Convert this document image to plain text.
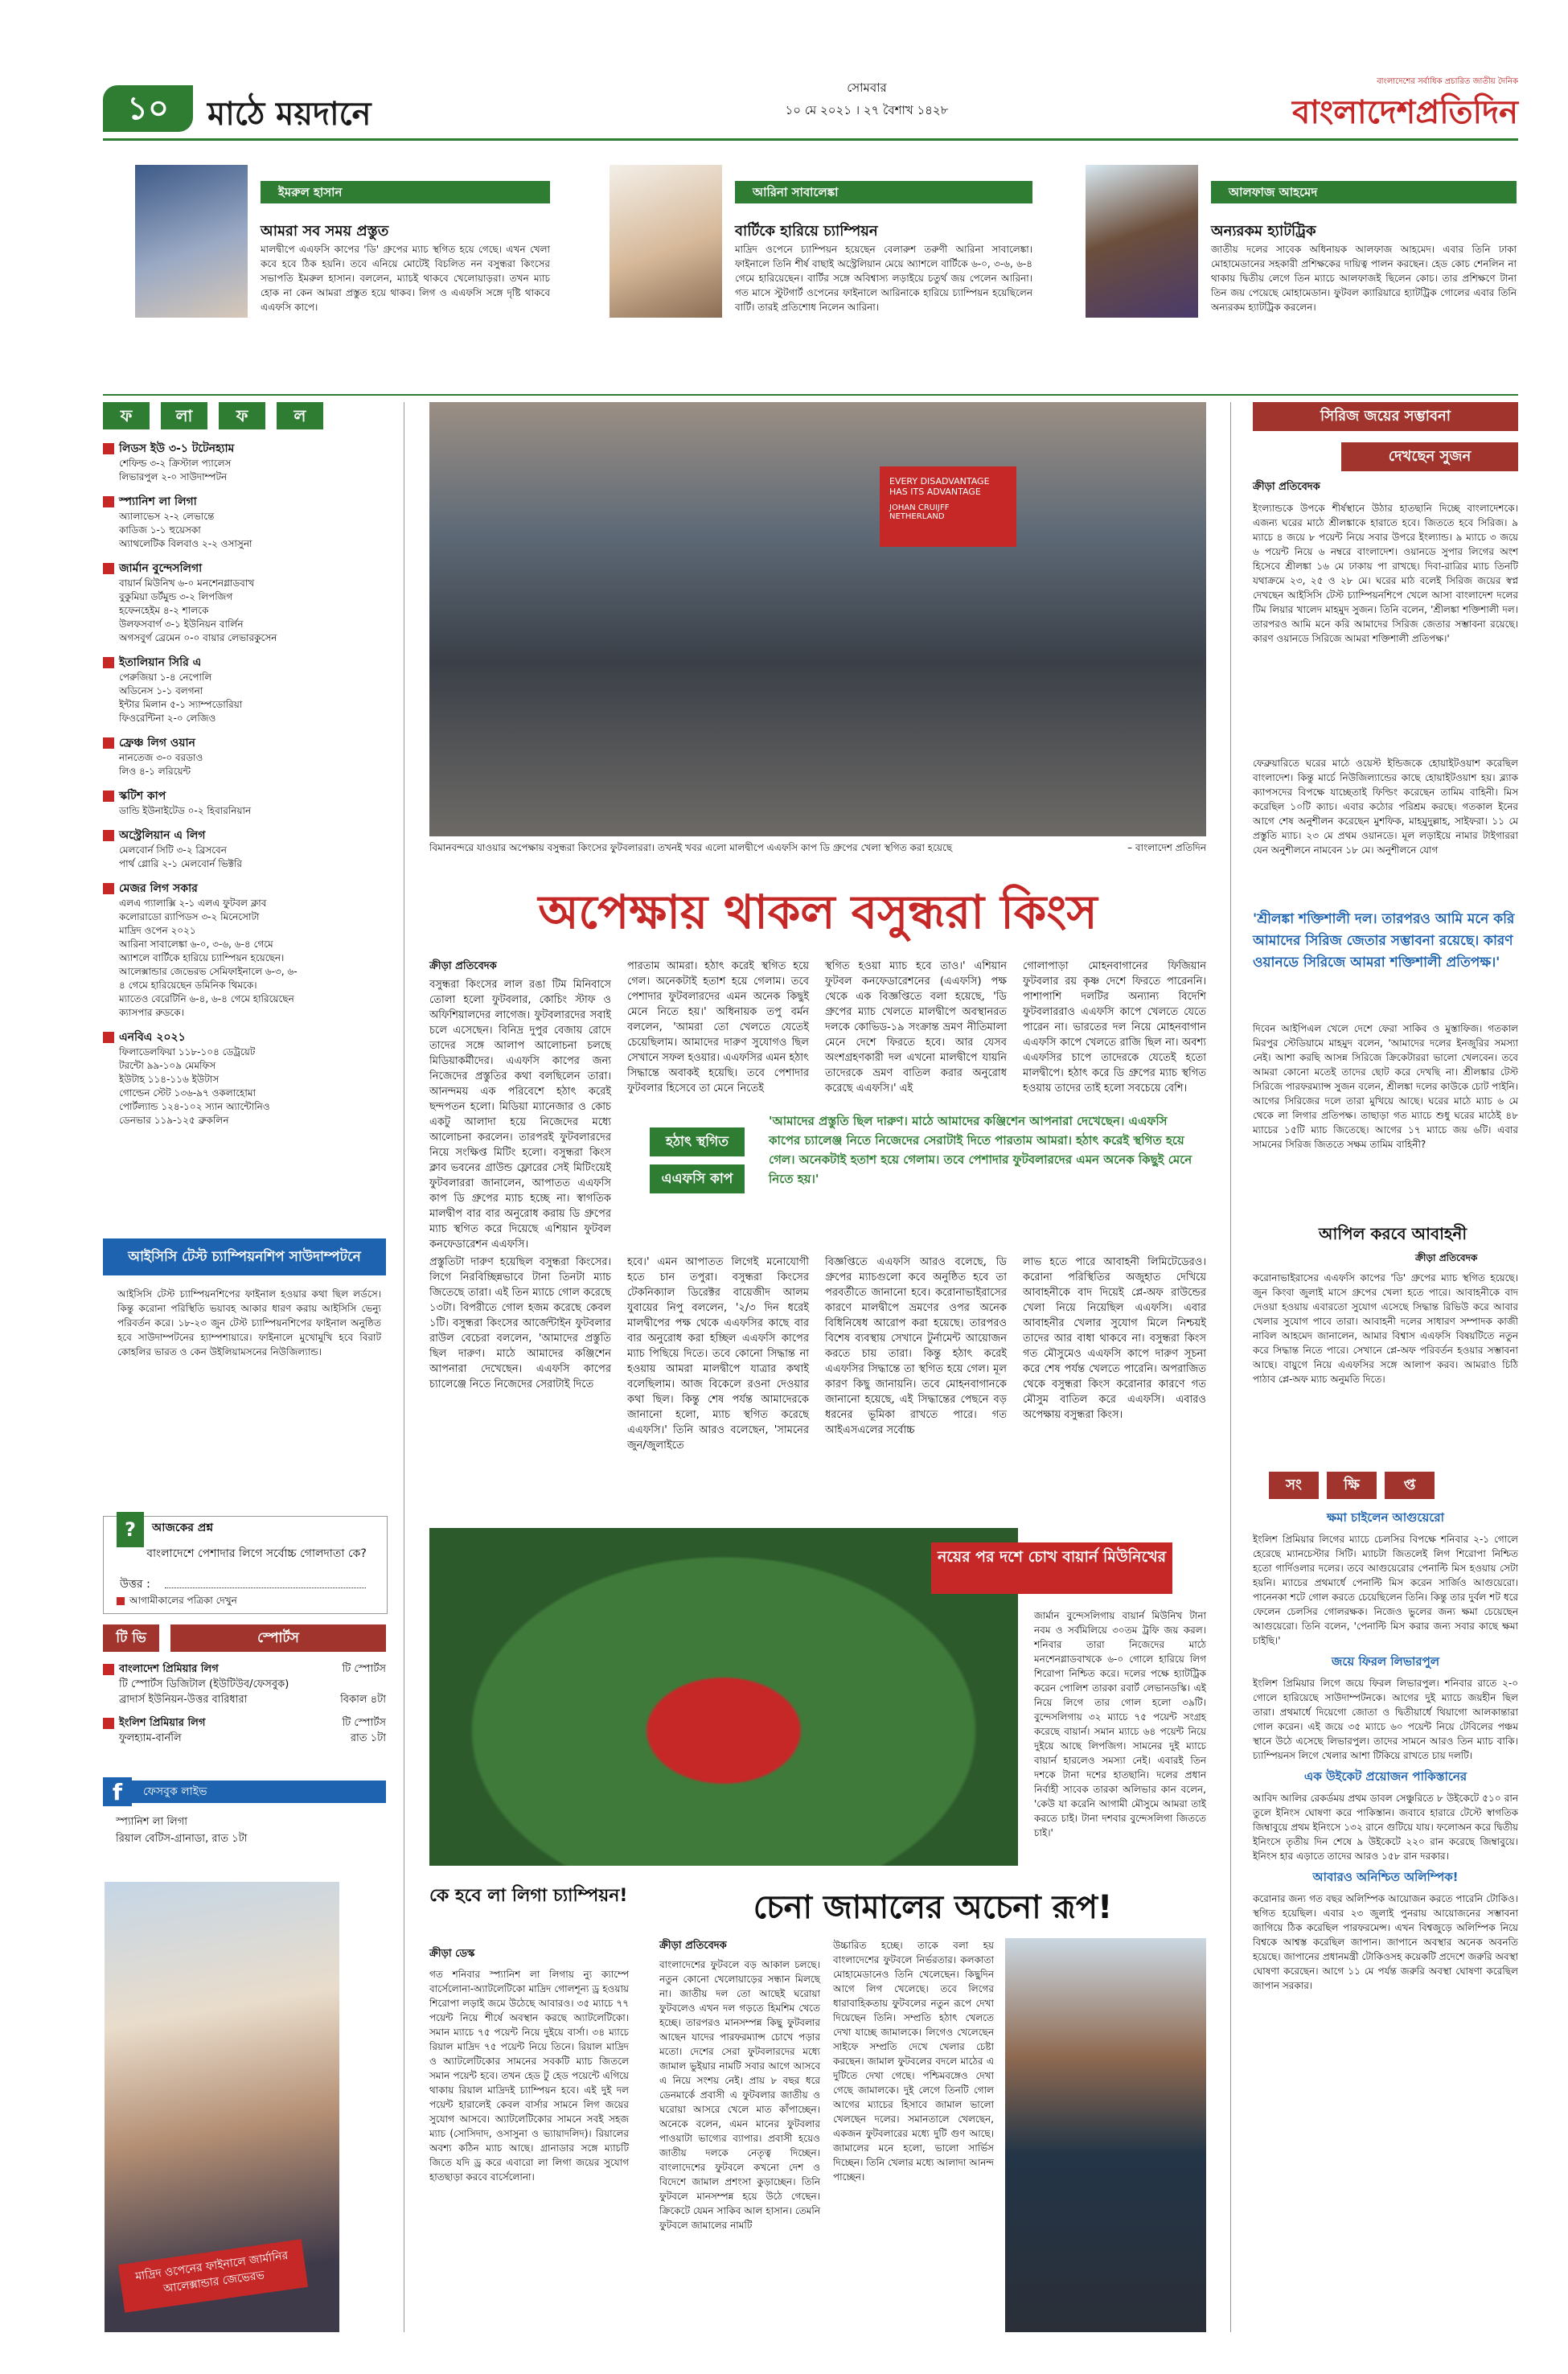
১০	মাঠে ময়দানে
সোমবার
১০ মে ২০২১ । ২৭ বৈশাখ ১৪২৮
বাংলাদেশের সর্বাধিক প্রচারিত জাতীয় দৈনিক
বাংলাদেশপ্রতিদিন
ইমরুল হাসান
আমরা সব সময় প্রস্তুত
মালদ্বীপে এএফসি কাপের 'ডি' গ্রুপের ম্যাচ স্থগিত হয়ে গেছে। এখন খেলা কবে হবে ঠিক হয়নি। তবে এনিয়ে মোটেই বিচলিত নন বসুন্ধরা কিংসের সভাপতি ইমরুল হাসান। বললেন, ম্যাচই থাকবে খেলোয়াড়রা। তখন ম্যাচ হোক না কেন আমরা প্রস্তুত হয়ে থাকব। লিগ ও এএফসি সঙ্গে দৃষ্টি থাকবে এএফসি কাপে।
আরিনা সাবালেঙ্কা
বার্টিকে হারিয়ে চ্যাম্পিয়ন
মাদ্রিদ ওপেনে চ্যাম্পিয়ন হয়েছেন বেলারুশ তরুণী আরিনা সাবালেঙ্কা। ফাইনালে তিনি শীর্ষ বাছাই অস্ট্রেলিয়ান মেয়ে অ্যাশলে বার্টিকে ৬-০, ৩-৬, ৬-৪ গেমে হারিয়েছেন। বার্টির সঙ্গে অবিশ্বাস্য লড়াইয়ে চতুর্থ জয় পেলেন আরিনা। গত মাসে স্টুটগার্ট ওপেনের ফাইনালে আরিনাকে হারিয়ে চ্যাম্পিয়ন হয়েছিলেন বার্টি। তারই প্রতিশোধ নিলেন আরিনা।
আলফাজ আহমেদ
অন্যরকম হ্যাটট্রিক
জাতীয় দলের সাবেক অধিনায়ক আলফাজ আহমেদ। এবার তিনি ঢাকা মোহামেডানের সহকারী প্রশিক্ষকের দায়িত্ব পালন করছেন। হেড কোচ শেনলিন না থাকায় দ্বিতীয় লেগে তিন ম্যাচে আলফাজই ছিলেন কোচ। তার প্রশিক্ষণে টানা তিন জয় পেয়েছে মোহামেডান। ফুটবল ক্যারিয়ারে হ্যাটট্রিক গোলের এবার তিনি অন্যরকম হ্যাটট্রিক করলেন।
ফ	লা	ফ	ল
লিডস ইউ ৩-১ টটেনহ্যাম
শেফিল্ড ৩-২ ক্রিস্টাল প্যালেস
লিভারপুল ২-০ সাউদাম্পটন
স্প্যানিশ লা লিগা
অ্যালাভেস ২-২ লেভান্তে
কাডিজ ১-১ হুয়েসকা
অ্যাথলেটিক বিলবাও ২-২ ওসাসুনা
জার্মান বুন্দেসলিগা
বায়ার্ন মিউনিখ ৬-০ মনশেনগ্লাডবাখ
বুকুমিয়া ডর্টমুন্ড ৩-২ লিপজিগ
হফেনহেইম ৪-২ শালকে
উলফসবার্গ ৩-১ ইউনিয়ন বার্লিন
অগসবুর্গ ব্রেমেন ০-০ বায়ার লেভারকুসেন
ইতালিয়ান সিরি এ
পেরুজিয়া ১-৪ নেপোলি
অডিনেস ১-১ বলগনা
ইন্টার মিলান ৫-১ স্যাম্পডোরিয়া
ফিওরেন্টিনা ২-০ লেজিও
ফ্রেঞ্চ লিগ ওয়ান
নানতেজ ৩-০ বরডাও
লিও ৪-১ লরিয়েন্ট
স্কটিশ কাপ
ডান্ডি ইউনাইটেড ০-২ হিবারনিয়ান
অস্ট্রেলিয়ান এ লিগ
মেলবোর্ন সিটি ৩-২ ব্রিসবেন
পার্থ গ্লোরি ২-১ মেলবোর্ন ভিক্টরি
মেজর লিগ সকার
এলএ গ্যালাক্সি ২-১ এলএ ফুটবল ক্লাব
কলোরাডো র‍্যাপিডস ৩-২ মিনেসোটা
মাদ্রিদ ওপেন ২০২১
আরিনা সাবালেঙ্কা ৬-০, ৩-৬, ৬-৪ গেমে
অ্যাশলে বার্টিকে হারিয়ে চ্যাম্পিয়ন হয়েছেন।
আলেক্সান্ডার জেভেরভ সেমিফাইনালে ৬-৩, ৬-
৪ গেমে হারিয়েছেন ডমিনিক থিমকে।
ম্যাতেও বেরেটিনি ৬-৪, ৬-৪ গেমে হারিয়েছেন
ক্যাসপার রুডকে।
এনবিএ ২০২১
ফিলাডেলফিয়া ১১৮-১০৪ ডেট্রয়েট
টরন্টো ৯৯-১০৯ মেমফিস
ইউটাহ ১১৪-১১৬ ইউটাস
গোল্ডেন স্টেট ১৩৬-৯৭ ওকলাহোমা
পোর্টল্যান্ড ১২৪-১০২ স্যান অ্যান্টোনিও
ডেনভার ১১৯-১২৫ ব্রুকলিন
আইসিসি টেস্ট চ্যাম্পিয়নশিপ সাউদাম্পটনে
আইসিসি টেস্ট চ্যাম্পিয়নশিপের ফাইনাল হওয়ার কথা ছিল লর্ডসে। কিন্তু করোনা পরিস্থিতি ভয়াবহ আকার ধারণ করায় আইসিসি ভেন্যু পরিবর্তন করে। ১৮-২৩ জুন টেস্ট চ্যাম্পিয়নশিপের ফাইনাল অনুষ্ঠিত হবে সাউদাম্পটনের হ্যাম্পশায়ারে। ফাইনালে মুখোমুখি হবে বিরাট কোহলির ভারত ও কেন উইলিয়ামসনের নিউজিল্যান্ড।
?	আজকের প্রশ্ন
বাংলাদেশে পেশাদার লিগে সর্বোচ্চ গোলদাতা কে?
উত্তর :
আগামীকালের পত্রিকা দেখুন
টি ভি	স্পোর্টস
বাংলাদেশ প্রিমিয়ার লিগ	টি স্পোর্টস
টি স্পোর্টস ডিজিটাল (ইউটিউব/ফেসবুক)
ব্রাদার্স ইউনিয়ন-উত্তর বারিধারা	বিকাল ৪টা
ইংলিশ প্রিমিয়ার লিগ	টি স্পোর্টস
ফুলহ্যাম-বার্নলি	রাত ১টা
f	ফেসবুক লাইভ
স্প্যানিশ লা লিগা
রিয়াল বেটিস-গ্রানাডা, রাত ১টা
মাদ্রিদ ওপেনের ফাইনালে জার্মানির আলেক্সান্ডার জেভেরভ
EVERY DISADVANTAGE HAS ITS ADVANTAGE
JOHAN CRUIJFF NETHERLAND
বিমানবন্দরে যাওয়ার অপেক্ষায় বসুন্ধরা কিংসের ফুটবলাররা। তখনই খবর এলো মালদ্বীপে এএফসি কাপ ডি গ্রুপের খেলা স্থগিত করা হয়েছে	– বাংলাদেশ প্রতিদিন
অপেক্ষায় থাকল বসুন্ধরা কিংস
ক্রীড়া প্রতিবেদক
বসুন্ধরা কিংসের লাল রঙা টিম মিনিবাসে তোলা হলো ফুটবলার, কোচিং স্টাফ ও অফিশিয়ালদের লাগেজ। ফুটবলারদের সবাই চলে এসেছেন। বিনিদ্র দুপুর বেজায় রোদে তাদের সঙ্গে আলাপ আলোচনা চলছে মিডিয়াকর্মীদের। এএফসি কাপের জন্য নিজেদের প্রস্তুতির কথা বলছিলেন তারা। আনন্দময় এক পরিবেশে হঠাৎ করেই ছন্দপতন হলো। মিডিয়া ম্যানেজার ও কোচ একটু আলাদা হয়ে নিজেদের মধ্যে আলোচনা করলেন। তারপরই ফুটবলারদের নিয়ে সংক্ষিপ্ত মিটিং হলো। বসুন্ধরা কিংস ক্লাব ভবনের গ্রাউন্ড ফ্লোরের সেই মিটিংয়েই ফুটবলাররা জানালেন, আপাতত এএফসি কাপ ডি গ্রুপের ম্যাচ হচ্ছে না। স্বাগতিক মালদ্বীপ বার বার অনুরোধ করায় ডি গ্রুপের ম্যাচ স্থগিত করে দিয়েছে এশিয়ান ফুটবল কনফেডারেশন এএফসি।
পারতাম আমরা। হঠাৎ করেই স্থগিত হয়ে গেল। অনেকটাই হতাশ হয়ে গেলাম। তবে পেশাদার ফুটবলারদের এমন অনেক কিছুই মেনে নিতে হয়।' অধিনায়ক তপু বর্মন বললেন, 'আমরা তো খেলতে যেতেই চেয়েছিলাম। আমাদের দারুণ সুযোগও ছিল সেখানে সফল হওয়ার। এএফসির এমন হঠাৎ সিদ্ধান্তে অবাকই হয়েছি। তবে পেশাদার ফুটবলার হিসেবে তা মেনে নিতেই
স্থগিত হওয়া ম্যাচ হবে তাও।' এশিয়ান ফুটবল কনফেডারেশনের (এএফসি) পক্ষ থেকে এক বিজ্ঞপ্তিতে বলা হয়েছে, 'ডি গ্রুপের ম্যাচ খেলতে মালদ্বীপে অবস্থানরত দলকে কোভিড-১৯ সংক্রান্ত ভ্রমণ নীতিমালা মেনে দেশে ফিরতে হবে। আর যেসব অংশগ্রহণকারী দল এখনো মালদ্বীপে যায়নি তাদেরকে ভ্রমণ বাতিল করার অনুরোধ করেছে এএফসি।' এই
গোলাপাড়া মোহনবাগানের ফিজিয়ান ফুটবলার রয় কৃষ্ণ দেশে ফিরতে পারেননি। পাশাপাশি দলটির অন্যান্য বিদেশি ফুটবলাররাও এএফসি কাপে খেলতে যেতে পারেন না। ভারতের দল নিয়ে মোহনবাগান এএফসি কাপে খেলতে রাজি ছিল না। অবশ্য এএফসির চাপে তাদেরকে যেতেই হতো মালদ্বীপে। হঠাৎ করে ডি গ্রুপের ম্যাচ স্থগিত হওয়ায় তাদের তাই হলো সবচেয়ে বেশি।
হঠাৎ স্থগিত
এএফসি কাপ
'আমাদের প্রস্তুতি ছিল দারুণ। মাঠে আমাদের কঞ্জিশেন আপনারা দেখেছেন। এএফসি কাপের চ্যালেঞ্জ নিতে নিজেদের সেরাটাই দিতে পারতাম আমরা। হঠাৎ করেই স্থগিত হয়ে গেল। অনেকটাই হতাশ হয়ে গেলাম। তবে পেশাদার ফুটবলারদের এমন অনেক কিছুই মেনে নিতে হয়।'
প্রস্তুতিটা দারুণ হয়েছিল বসুন্ধরা কিংসের। লিগে নিরবিচ্ছিন্নভাবে টানা তিনটা ম্যাচ জিতেছে তারা। এই তিন ম্যাচে গোল করেছে ১৩টা। বিপরীতে গোল হজম করেছে কেবল ১টি। বসুন্ধরা কিংসের আর্জেন্টাইন ফুটবলার রাউল বেচেরা বললেন, 'আমাদের প্রস্তুতি ছিল দারুণ। মাঠে আমাদের কঞ্জিশেন আপনারা দেখেছেন। এএফসি কাপের চ্যালেঞ্জে নিতে নিজেদের সেরাটাই দিতে
হবে।' এমন আপাতত লিগেই মনোযোগী হতে চান তপুরা। বসুন্ধরা কিংসের টেকনিক্যাল ডিরেক্টর বায়েজীদ আলম যুবায়ের নিপু বললেন, '২/৩ দিন ধরেই মালদ্বীপের পক্ষ থেকে এএফসির কাছে বার বার অনুরোধ করা হচ্ছিল এএফসি কাপের ম্যাচ পিছিয়ে দিতে। তবে কোনো সিদ্ধান্ত না হওয়ায় আমরা মালদ্বীপে যাত্রার কথাই বলেছিলাম। আজ বিকেলে রওনা দেওয়ার কথা ছিল। কিন্তু শেষ পর্যন্ত আমাদেরকে জানানো হলো, ম্যাচ স্থগিত করেছে এএফসি।' তিনি আরও বলেছেন, 'সামনের জুন/জুলাইতে
বিজ্ঞপ্তিতে এএফসি আরও বলেছে, ডি গ্রুপের ম্যাচগুলো কবে অনুষ্ঠিত হবে তা পরবর্তীতে জানানো হবে। করোনাভাইরাসের কারণে মালদ্বীপে ভ্রমণের ওপর অনেক বিধিনিষেধ আরোপ করা হয়েছে। তারপরও বিশেষ ব্যবস্থায় সেখানে টুর্নামেন্ট আয়োজন করতে চায় তারা। কিন্তু হঠাৎ করেই এএফসির সিদ্ধান্তে তা স্থগিত হয়ে গেল। মূল কারণ কিছু জানায়নি। তবে মোহনবাগানকে জানানো হয়েছে, এই সিদ্ধান্তের পেছনে বড় ধরনের ভূমিকা রাখতে পারে। গত আইএসএলের সর্বোচ্চ
লাভ হতে পারে আবাহনী লিমিটেডেরও। করোনা পরিস্থিতির অজুহাত দেখিয়ে আবাহনীকে বাদ দিয়েই প্লে-অফ রাউন্ডের খেলা নিয়ে নিয়েছিল এএফসি। এবার আবাহনীর খেলার সুযোগ মিলে নিশ্চয়ই তাদের আর বাধা থাকবে না। বসুন্ধরা কিংস গত মৌসুমেও এএফসি কাপে দারুণ সূচনা করে শেষ পর্যন্ত খেলতে পারেনি। অপরাজিত থেকে বসুন্ধরা কিংস করোনার কারণে গত মৌসুম বাতিল করে এএফসি। এবারও অপেক্ষায় বসুন্ধরা কিংস।
নয়ের পর দশে চোখ বায়ার্ন মিউনিখের
জার্মান বুন্দেসলিগায় বায়ার্ন মিউনিখ টানা নবম ও সর্বমিলিয়ে ৩০তম ট্রফি জয় করল। শনিবার তারা নিজেদের মাঠে মনশেনগ্লাডবাখকে ৬-০ গোলে হারিয়ে লিগ শিরোপা নিশ্চিত করে। দলের পক্ষে হ্যাটট্রিক করেন পোলিশ তারকা রবার্ট লেভানডস্কি। এই নিয়ে লিগে তার গোল হলো ৩৯টি। বুন্দেসলিগায় ৩২ ম্যাচে ৭৫ পয়েন্ট সংগ্রহ করেছে বায়ার্ন। সমান ম্যাচে ৬৪ পয়েন্ট নিয়ে দুইয়ে আছে লিপজিগ। সামনের দুই ম্যাচে বায়ার্ন হারলেও সমস্যা নেই। এবারই তিন দশকে টানা দশের হাতছানি। দলের প্রধান নির্বাহী সাবেক তারকা অলিভার কান বলেন, 'কেউ যা করেনি আগামী মৌসুমে আমরা তাই করতে চাই। টানা দশবার বুন্দেসলিগা জিততে চাই।'
কে হবে লা লিগা চ্যাম্পিয়ন!
ক্রীড়া ডেস্ক
গত শনিবার স্প্যানিশ লা লিগায় ন্যু ক্যাম্পে বার্সেলোনা-অ্যাটলেটিকো মাদ্রিদ গোলশূন্য ড্র হওয়ায় শিরোপা লড়াই জমে উঠেছে আবারও। ৩৫ ম্যাচে ৭৭ পয়েন্ট নিয়ে শীর্ষে অবস্থান করছে অ্যাটলেটিকো। সমান ম্যাচে ৭৫ পয়েন্ট নিয়ে দুইয়ে বার্সা। ৩৪ ম্যাচে রিয়াল মাদ্রিদ ৭৫ পয়েন্ট নিয়ে তিনে। রিয়াল মাদ্রিদ ও অ্যাটলেটিকোর সামনের সবকটি ম্যাচ জিতলে সমান পয়েন্ট হবে। তখন হেড টু হেড পয়েন্টে এগিয়ে থাকায় রিয়াল মাদ্রিদই চ্যাম্পিয়ন হবে। এই দুই দল পয়েন্ট হারালেই কেবল বার্সার সামনে লিগ জয়ের সুযোগ আসবে। অ্যাটলেটিকোর সামনে সবই সহজ ম্যাচ (সোসিদাদ, ওসাসুনা ও ভ্যায়াদলিদ)। রিয়ালের অবশ্য কঠিন ম্যাচ আছে। গ্রানাডার সঙ্গে ম্যাচটি জিতে যদি ড্র করে এবারো লা লিগা জয়ের সুযোগ হাতছাড়া করবে বার্সেলোনা।
চেনা জামালের অচেনা রূপ!
ক্রীড়া প্রতিবেদক
বাংলাদেশের ফুটবলে বড় আকাল চলছে। নতুন কোনো খেলোয়াড়ের সন্ধান মিলছে না। জাতীয় দল তো আছেই ঘরোয়া ফুটবলেও এখন দল গড়তে হিমশিম খেতে হচ্ছে। তারপরও মানসম্পন্ন কিছু ফুটবলার আছেন যাদের পারফরম্যান্স চোখে পড়ার মতো। দেশের সেরা ফুটবলারদের মধ্যে জামাল ভুইয়ার নামটি সবার আগে আসবে এ নিয়ে সংশয় নেই। প্রায় ৮ বছর ধরে ডেনমার্কে প্রবাসী এ ফুটবলার জাতীয় ও ঘরোয়া আসরে খেলে মাত কাঁপাচ্ছেন। অনেকে বলেন, এমন মানের ফুটবলার পাওয়াটা ভাগ্যের ব্যাপার। প্রবাসী হয়েও জাতীয় দলকে নেতৃত্ব দিচ্ছেন। বাংলাদেশের ফুটবলে কখনো দেশ ও বিদেশে জামাল প্রশংসা কুড়াচ্ছেন। তিনি ফুটবলে মানসম্পন্ন হয়ে উঠে গেছেন। ক্রিকেটে যেমন সাকিব আল হাসান। তেমনি ফুটবলে জামালের নামটি
উচ্চারিত হচ্ছে। তাকে বলা হয় বাংলাদেশের ফুটবলে নির্ভরতার। কলকাতা মোহামেডানেও তিনি খেলেছেন। কিছুদিন আগে লিগ খেলেছে। তবে লিগের ধারাবাহিকতায় ফুটবলের নতুন রূপে দেখা দিয়েছেন তিনি। সম্প্রতি হঠাৎ খেলতে দেখা যাচ্ছে জামালকে। লিগেও খেলেছেন সাইফে সম্প্রতি দেখে খেলার চেষ্টা করছেন। জামাল ফুটবলের বদলে মাঠের এ দুটিতে দেখা গেছে। পশ্চিমবঙ্গেও দেখা গেছে জামালকে। দুই লেগে তিনটি গোল আগের ম্যাচের হিসাবে জামাল ভালো খেলছেন দলের। সমানতালে খেলছেন, একজন ফুটবলারের মধ্যে দুটি গুণ আছে। জামালের মনে হলো, ভালো সার্ভিস দিচ্ছেন। তিনি খেলার মধ্যে আলাদা আনন্দ পাচ্ছেন।
সিরিজ জয়ের সম্ভাবনা
দেখছেন সুজন
ক্রীড়া প্রতিবেদক
ইংল্যান্ডকে উপকে শীর্ষস্থানে উঠার হাতছানি দিচ্ছে বাংলাদেশকে। এজন্য ঘরের মাঠে শ্রীলঙ্কাকে হারাতে হবে। জিততে হবে সিরিজ। ৯ ম্যাচে ৪ জয়ে ৮ পয়েন্ট নিয়ে সবার উপরে ইংল্যান্ড। ৯ ম্যাচে ৩ জয়ে ৬ পয়েন্ট নিয়ে ৬ নম্বরে বাংলাদেশ। ওয়ানডে সুপার লিগের অংশ হিসেবে শ্রীলঙ্কা ১৬ মে ঢাকায় পা রাখছে। দিবা-রাত্রির ম্যাচ তিনটি যথাক্রমে ২৩, ২৫ ও ২৮ মে। ঘরের মাঠ বলেই সিরিজ জয়ের স্বপ্ন দেখছেন আইসিসি টেস্ট চ্যাম্পিয়নশিপে খেলে আসা বাংলাদেশ দলের টিম লিয়ার খালেদ মাহমুদ সুজন। তিনি বলেন, 'শ্রীলঙ্কা শক্তিশালী দল। তারপরও আমি মনে করি আমাদের সিরিজ জেতার সম্ভাবনা রয়েছে। কারণ ওয়ানডে সিরিজে আমরা শক্তিশালী প্রতিপক্ষ।'
ফেব্রুয়ারিতে ঘরের মাঠে ওয়েস্ট ইন্ডিজকে হোয়াইটওয়াশ করেছিল বাংলাদেশ। কিন্তু মার্চে নিউজিল্যান্ডের কাছে হোয়াইটওয়াশ হয়। ব্ল্যাক ক্যাপসদের বিপক্ষে যাচ্ছেতাই ফিল্ডিং করেছেন তামিম বাহিনী। মিস করেছিল ১০টি ক্যাচ। এবার কঠোর পরিশ্রম করছে। গতকাল ইনের আগে শেষ অনুশীলন করেছেন মুশফিক, মাহমুদুল্লাহ, সাইফরা। ১১ মে প্রস্তুতি ম্যাচ। ২৩ মে প্রথম ওয়ানডে। মূল লড়াইয়ে নামার টাইগাররা যেন অনুশীলনে নামবেন ১৮ মে। অনুশীলনে যোগ
'শ্রীলঙ্কা শক্তিশালী দল। তারপরও আমি মনে করি আমাদের সিরিজ জেতার সম্ভাবনা রয়েছে। কারণ ওয়ানডে সিরিজে আমরা শক্তিশালী প্রতিপক্ষ।'
দিবেন আইপিএল খেলে দেশে ফেরা সাকিব ও মুস্তাফিজ। গতকাল মিরপুর স্টেডিয়ামে মাহমুদ বলেন, 'আমাদের দলের ইনজুরির সমস্যা নেই। আশা করছি আসন্ন সিরিজে ক্রিকেটাররা ভালো খেলবেন। তবে আমরা কোনো মতেই তাদের ছোট করে দেখছি না। শ্রীলঙ্কার টেস্ট সিরিজে পারফরম্যান্স সুজন বলেন, শ্রীলঙ্কা দলের কাউকে চোট পাইনি। আগের সিরিজের দলে তারা মুখিয়ে আছে। ঘরের মাঠে ম্যাচ ৬ মে থেকে লা লিগার প্রতিপক্ষ। তাছাড়া গত ম্যাচে শুধু ঘরের মাঠেই ৪৮ ম্যাচের ১৫টি ম্যাচ জিতেছে। আগের ১৭ ম্যাচে জয় ৬টি। এবার সামনের সিরিজ জিততে সক্ষম তামিম বাহিনী?
আপিল করবে আবাহনী
ক্রীড়া প্রতিবেদক
করোনাভাইরাসের এএফসি কাপের 'ডি' গ্রুপের ম্যাচ স্থগিত হয়েছে। জুন কিংবা জুলাই মাসে গ্রুপের খেলা হতে পারে। আবাহনীকে বাদ দেওয়া হওয়ায় এবারতো সুযোগ এসেছে সিদ্ধান্ত রিভিউ করে আবার খেলার সুযোগ পাবে তারা। আবাহনী দলের সাধারণ সম্পাদক কাজী নাবিল আহমেদ জানালেন, আমার বিশ্বাস এএফসি বিষয়টিতে নতুন করে সিদ্ধান্ত নিতে পারে। সেখানে প্লে-অফ পরিবর্তন হওয়ার সম্ভাবনা আছে। বায়ুগে নিয়ে এএফসির সঙ্গে আলাপ করব। আমরাও চিঠি পাঠাব প্লে-অফ ম্যাচ অনুমতি দিতে।
সং	ক্ষি	প্ত
ক্ষমা চাইলেন আগুয়েরো
ইংলিশ প্রিমিয়ার লিগের ম্যাচে চেলসির বিপক্ষে শনিবার ২-১ গোলে হেরেছে ম্যানচেস্টার সিটি। ম্যাচটা জিতলেই লিগ শিরোপা নিশ্চিত হতো গার্দিওলার দলের। তবে আগুয়েরোর পেনাল্টি মিস হওয়ায় সেটা হয়নি। ম্যাচের প্রথমার্ধে পেনাল্টি মিস করেন সার্জিও আগুয়েরো। পানেনকা শটে গোল করতে চেয়েছিলেন তিনি। কিন্তু তার দুর্বল শট ধরে ফেলেন চেলসির গোলরক্ষক। নিজেও ভুলের জন্য ক্ষমা চেয়েছেন আগুয়েরো। তিনি বলেন, 'পেনাল্টি মিস করার জন্য সবার কাছে ক্ষমা চাইছি।'
জয়ে ফিরল লিভারপুল
ইংলিশ প্রিমিয়ার লিগে জয়ে ফিরল লিভারপুল। শনিবার রাতে ২-০ গোলে হারিয়েছে সাউদাম্পটনকে। আগের দুই ম্যাচে জয়হীন ছিল তারা। প্রথমার্ধে দিয়েগো জোতা ও দ্বিতীয়ার্ধে থিয়াগো আলকান্তারা গোল করেন। এই জয়ে ৩৫ ম্যাচে ৬০ পয়েন্ট নিয়ে টেবিলের পঞ্চম স্থানে উঠে এসেছে লিভারপুল। তাদের সামনে আরও তিন ম্যাচ বাকি। চ্যাম্পিয়নস লিগে খেলার আশা টিকিয়ে রাখতে চায় দলটি।
এক উইকেট প্রয়োজন পাকিস্তানের
আবিদ আলির রেকর্ডময় প্রথম ডাবল সেঞ্চুরিতে ৮ উইকেটে ৫১০ রান তুলে ইনিংস ঘোষণা করে পাকিস্তান। জবাবে হারারে টেস্টে স্বাগতিক জিম্বাবুয়ে প্রথম ইনিংসে ১৩২ রানে গুটিয়ে যায়। ফলোঅন করে দ্বিতীয় ইনিংসে তৃতীয় দিন শেষে ৯ উইকেটে ২২০ রান করেছে জিম্বাবুয়ে। ইনিংস হার এড়াতে তাদের আরও ১৫৮ রান দরকার।
আবারও অনিশ্চিত অলিম্পিক!
করোনার জন্য গত বছর অলিম্পিক আয়োজন করতে পারেনি টোকিও। স্থগিত হয়েছিল। এবার ২৩ জুলাই পুনরায় আয়োজনের সম্ভাবনা জাগিয়ে ঠিক করেছিল পারফরমেন্স। এখন বিশ্বজুড়ে অলিম্পিক নিয়ে বিশ্বকে আশ্বস্ত করেছিল জাপান। জাপানে অবস্থার অনেক অবনতি হয়েছে। জাপানের প্রধানমন্ত্রী টোকিওসহ কয়েকটি প্রদেশে জরুরি অবস্থা ঘোষণা করেছেন। আগে ১১ মে পর্যন্ত জরুরি অবস্থা ঘোষণা করেছিল জাপান সরকার।
